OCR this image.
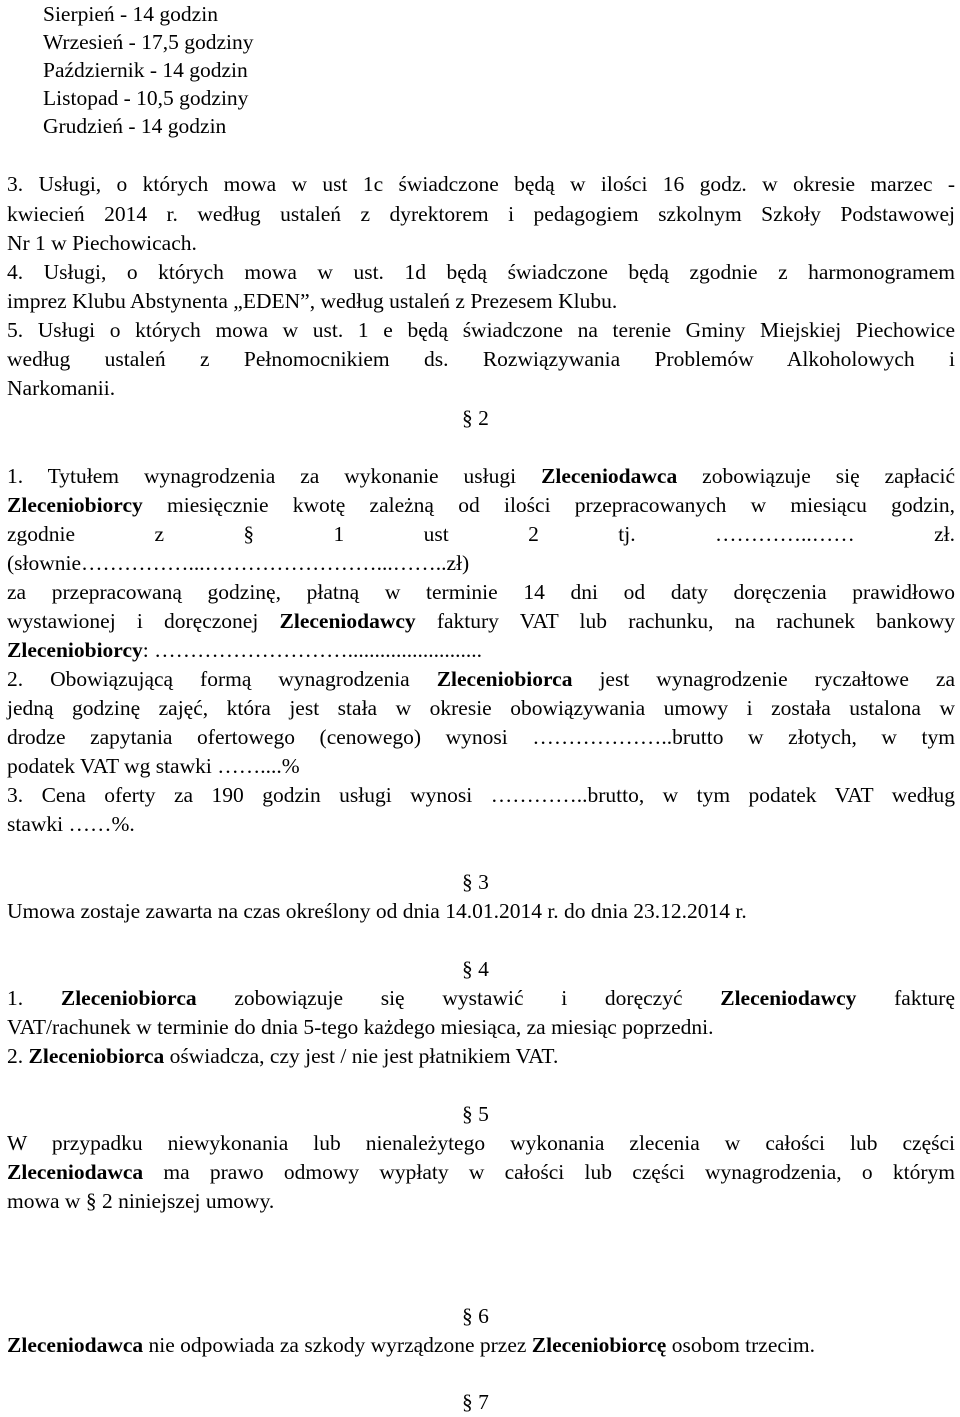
Sierpień - 14 godzin
Wrzesień - 17,5 godziny
Październik - 14 godzin
Listopad - 10,5 godziny
Grudzień - 14 godzin
3. Usługi, o których mowa w ust 1c świadczone będą w ilości 16 godz. w okresie marzec -
kwiecień 2014 r. według ustaleń z dyrektorem i pedagogiem szkolnym Szkoły Podstawowej
Nr 1 w Piechowicach.
4. Usługi, o których mowa w ust. 1d będą świadczone będą zgodnie z harmonogramem
imprez Klubu Abstynenta „EDEN”, według ustaleń z Prezesem Klubu.
5. Usługi o których mowa w ust. 1 e będą świadczone na terenie Gminy Miejskiej Piechowice
według ustaleń z Pełnomocnikiem ds. Rozwiązywania Problemów Alkoholowych i
Narkomanii.
§ 2
1. Tytułem wynagrodzenia za wykonanie usługi Zleceniodawca zobowiązuje się zapłacić
Zleceniobiorcy miesięcznie kwotę zależną od ilości przepracowanych w miesiącu godzin,
zgodnie z § 1 ust 2 tj. …………..…… zł.
(słownie……………...……………………...……..zł)
za przepracowaną godzinę, płatną w terminie 14 dni od daty doręczenia prawidłowo
wystawionej i doręczonej Zleceniodawcy faktury VAT lub rachunku, na rachunek bankowy
Zleceniobiorcy: ……………………….........................
2. Obowiązującą formą wynagrodzenia Zleceniobiorca jest wynagrodzenie ryczałtowe za
jedną godzinę zajęć, która jest stała w okresie obowiązywania umowy i została ustalona w
drodze zapytania ofertowego (cenowego) wynosi ………………..brutto w złotych, w tym
podatek VAT wg stawki ……....%
3. Cena oferty za 190 godzin usługi wynosi …………..brutto, w tym podatek VAT według
stawki ……%.
§ 3
Umowa zostaje zawarta na czas określony od dnia 14.01.2014 r. do dnia 23.12.2014 r.
§ 4
1. Zleceniobiorca zobowiązuje się wystawić i doręczyć Zleceniodawcy fakturę
VAT/rachunek w terminie do dnia 5-tego każdego miesiąca, za miesiąc poprzedni.
2. Zleceniobiorca oświadcza, czy jest / nie jest płatnikiem VAT.
§ 5
W przypadku niewykonania lub nienależytego wykonania zlecenia w całości lub części
Zleceniodawca ma prawo odmowy wypłaty w całości lub części wynagrodzenia, o którym
mowa w § 2 niniejszej umowy.
§ 6
Zleceniodawca nie odpowiada za szkody wyrządzone przez Zleceniobiorcę osobom trzecim.
§ 7
